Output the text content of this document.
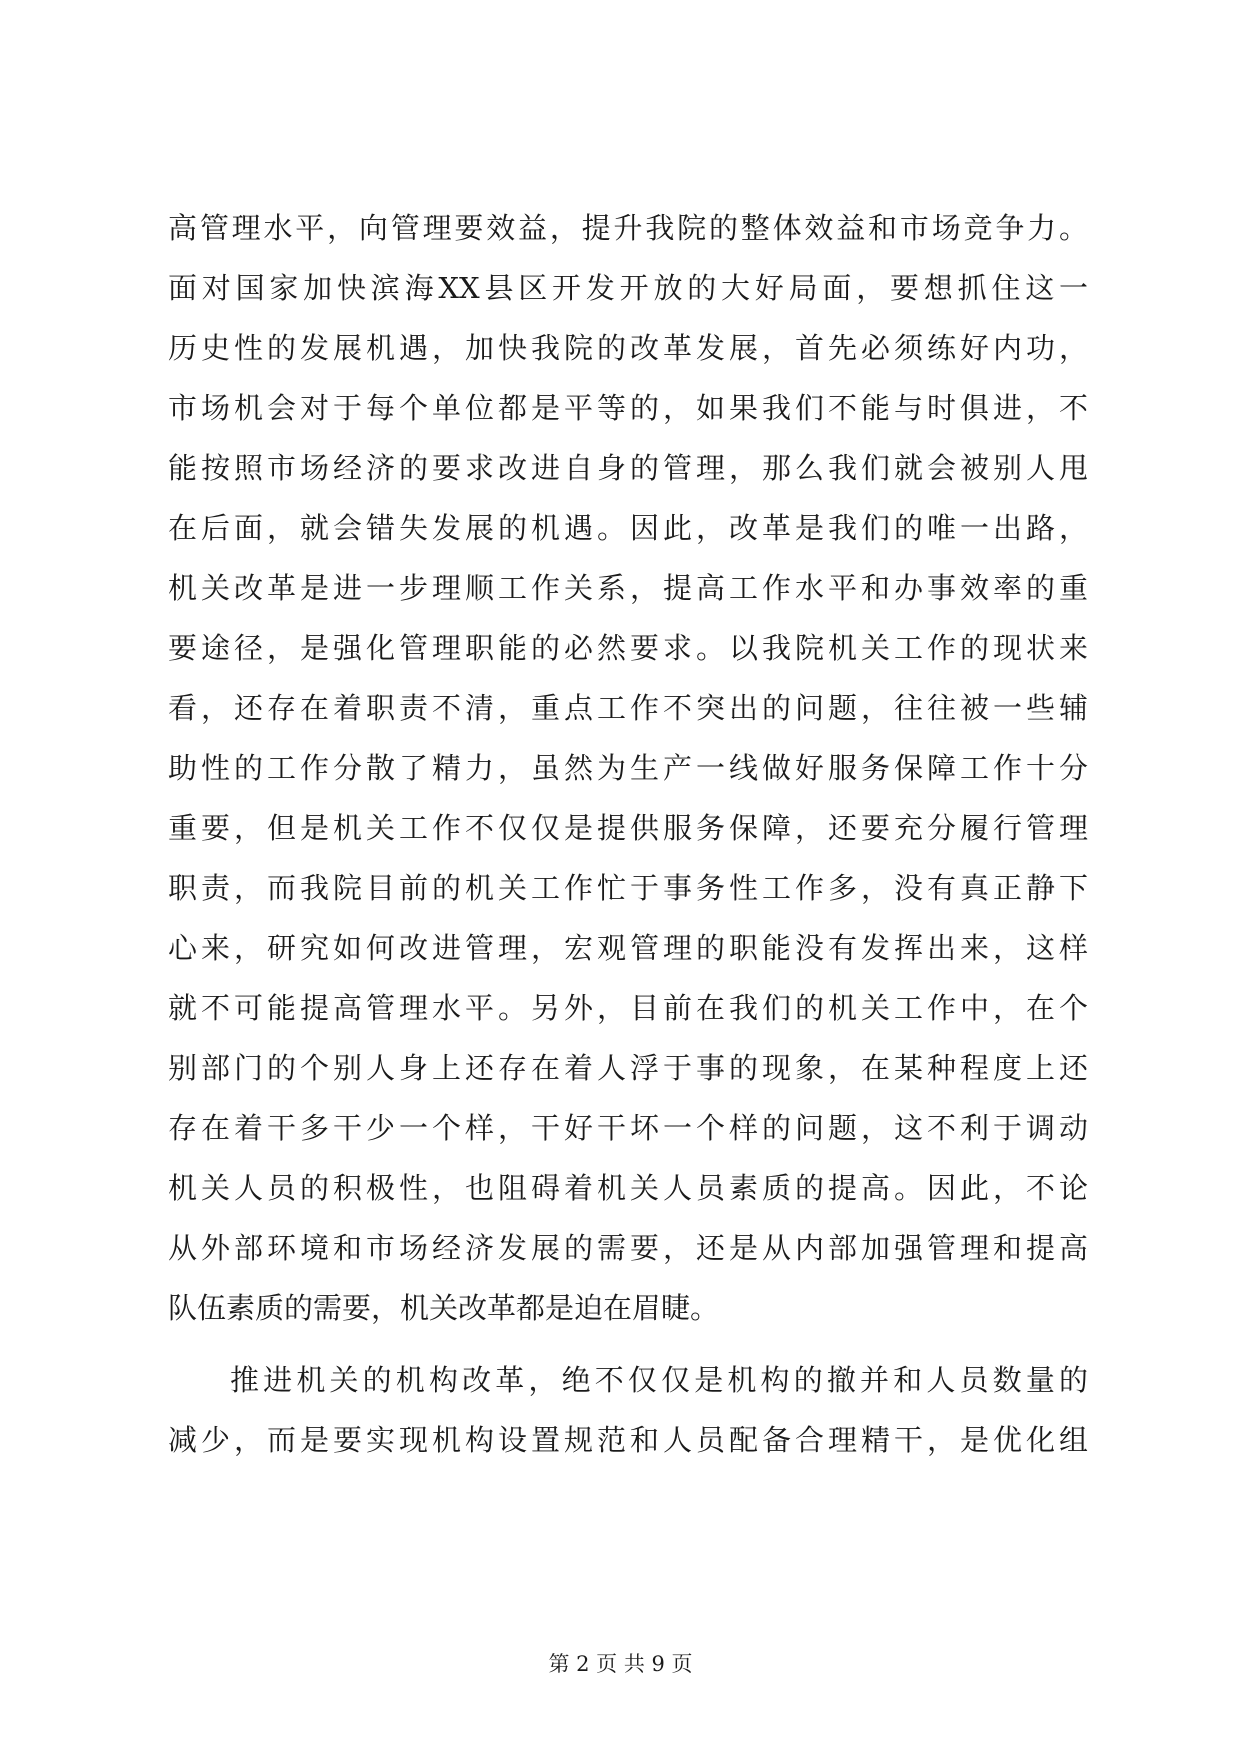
高管理水平，向管理要效益，提升我院的整体效益和市场竞争力。
面对国家加快滨海XX县区开发开放的大好局面，要想抓住这一
历史性的发展机遇，加快我院的改革发展，首先必须练好内功，
市场机会对于每个单位都是平等的，如果我们不能与时俱进，不
能按照市场经济的要求改进自身的管理，那么我们就会被别人甩
在后面，就会错失发展的机遇。因此，改革是我们的唯一出路，
机关改革是进一步理顺工作关系，提高工作水平和办事效率的重
要途径，是强化管理职能的必然要求。以我院机关工作的现状来
看，还存在着职责不清，重点工作不突出的问题，往往被一些辅
助性的工作分散了精力，虽然为生产一线做好服务保障工作十分
重要，但是机关工作不仅仅是提供服务保障，还要充分履行管理
职责，而我院目前的机关工作忙于事务性工作多，没有真正静下
心来，研究如何改进管理，宏观管理的职能没有发挥出来，这样
就不可能提高管理水平。另外，目前在我们的机关工作中，在个
别部门的个别人身上还存在着人浮于事的现象，在某种程度上还
存在着干多干少一个样，干好干坏一个样的问题，这不利于调动
机关人员的积极性，也阻碍着机关人员素质的提高。因此，不论
从外部环境和市场经济发展的需要，还是从内部加强管理和提高
队伍素质的需要，机关改革都是迫在眉睫。
推进机关的机构改革，绝不仅仅是机构的撤并和人员数量的
减少，而是要实现机构设置规范和人员配备合理精干，是优化组
第 2 页 共 9 页
